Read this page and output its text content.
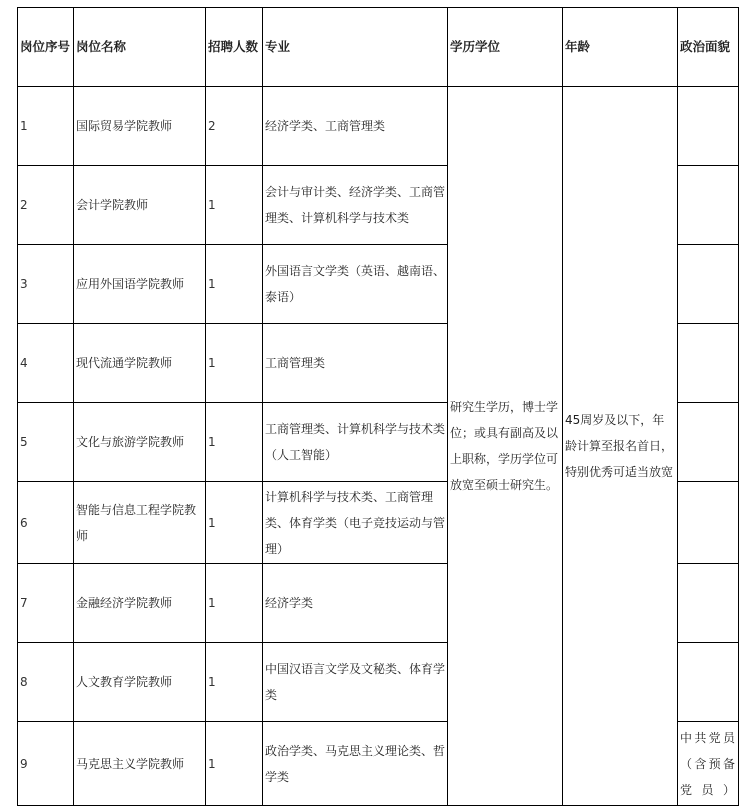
岗位序号	岗位名称	招聘人数	专业	学历学位	年龄	政治面貌
1	国际贸易学院教师	2	经济学类、工商管理类	研究生学历，博士学位；或具有副高及以上职称，学历学位可放宽至硕士研究生。	45周岁及以下，年龄计算至报名首日，特别优秀可适当放宽	
2	会计学院教师	1	会计与审计类、经济学类、工商管理类、计算机科学与技术类			
3	应用外国语学院教师	1	外国语言文学类（英语、越南语、泰语）			
4	现代流通学院教师	1	工商管理类			
5	文化与旅游学院教师	1	工商管理类、计算机科学与技术类（人工智能）			
6	智能与信息工程学院教师	1	计算机科学与技术类、工商管理类、体育学类（电子竞技运动与管理）			
7	金融经济学院教师	1	经济学类			
8	人文教育学院教师	1	中国汉语言文学及文秘类、体育学类			
9	马克思主义学院教师	1	政治学类、马克思主义理论类、哲学类			中共党员（含预备党员）
